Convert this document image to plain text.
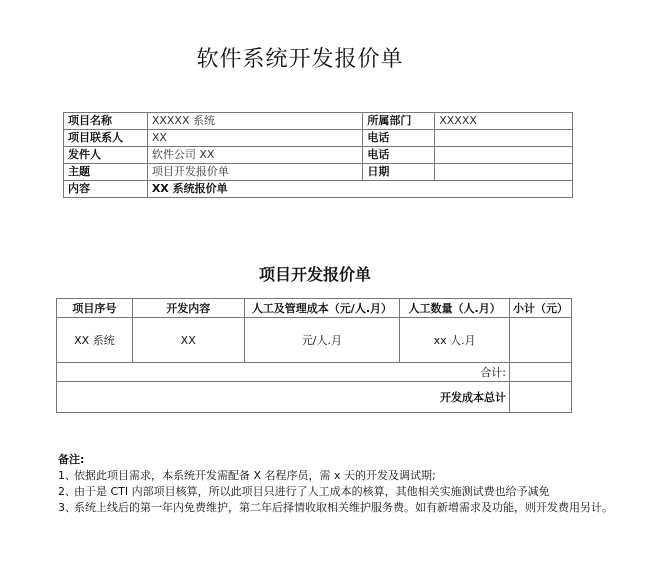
软件系统开发报价单
项目名称	XXXXX 系统	所属部门	XXXXX
项目联系人	XX	电话	
发件人	软件公司 XX	电话	
主题	项目开发报价单	日期	
内容	XX 系统报价单		
项目开发报价单
项目序号	开发内容	人工及管理成本（元/人.月）	人工数量（人.月）	小计（元）
XX 系统	XX	元/人.月	xx 人.月	
合计:				
开发成本总计				
备注:
1、
依据此项目需求，本系统开发需配备 X 名程序员，需 x 天的开发及调试期;
2、
由于是 CTI 内部项目核算，所以此项目只进行了人工成本的核算，其他相关实施测试费也给予减免
3、
系统上线后的第一年内免费维护，第二年后择情收取相关维护服务费。如有新增需求及功能，则开发费用另计。
